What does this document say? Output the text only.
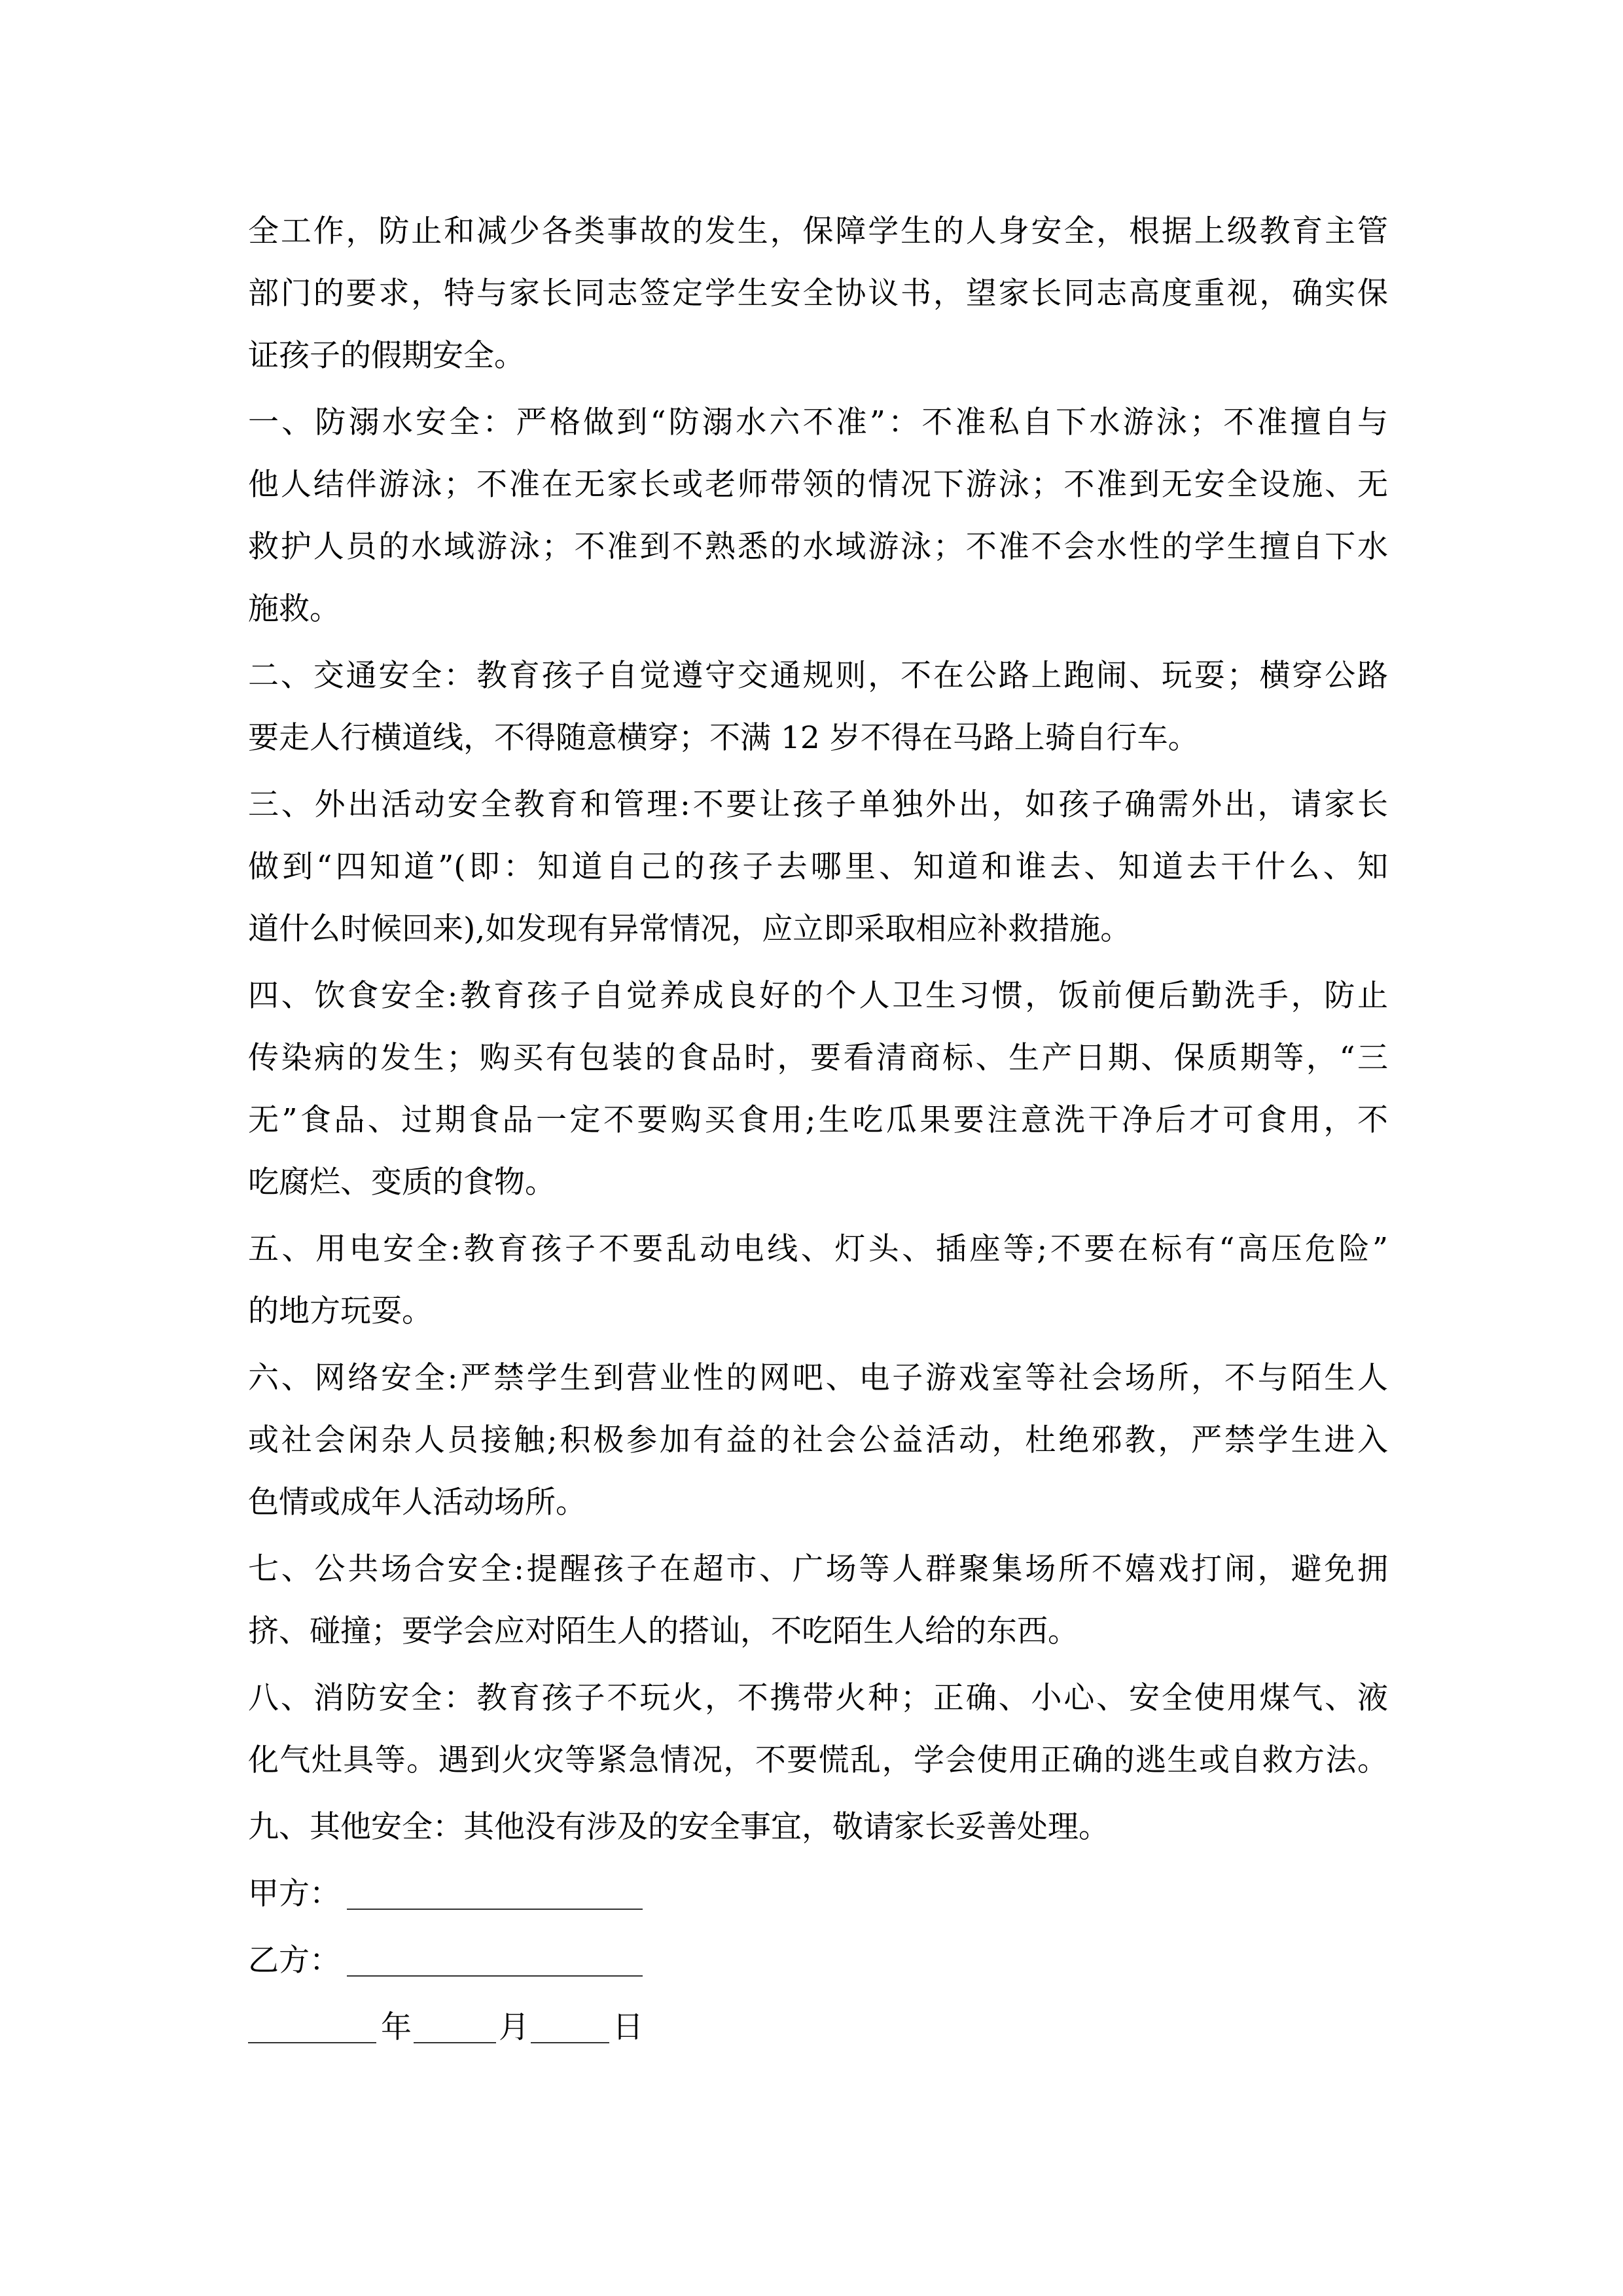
全工作，防止和减少各类事故的发生，保障学生的人身安全，根据上级教育主管
部门的要求，特与家长同志签定学生安全协议书，望家长同志高度重视，确实保
证孩子的假期安全。
一、防溺水安全：严格做到“防溺水六不准”：不准私自下水游泳；不准擅自与
他人结伴游泳；不准在无家长或老师带领的情况下游泳；不准到无安全设施、无
救护人员的水域游泳；不准到不熟悉的水域游泳；不准不会水性的学生擅自下水
施救。
二、交通安全：教育孩子自觉遵守交通规则，不在公路上跑闹、玩耍；横穿公路
要走人行横道线，不得随意横穿；不满 12 岁不得在马路上骑自行车。
三、外出活动安全教育和管理:不要让孩子单独外出，如孩子确需外出，请家长
做到“四知道”(即：知道自己的孩子去哪里、知道和谁去、知道去干什么、知
道什么时候回来),如发现有异常情况，应立即采取相应补救措施。
四、饮食安全:教育孩子自觉养成良好的个人卫生习惯，饭前便后勤洗手，防止
传染病的发生；购买有包装的食品时，要看清商标、生产日期、保质期等，“三
无”食品、过期食品一定不要购买食用;生吃瓜果要注意洗干净后才可食用，不
吃腐烂、变质的食物。
五、用电安全:教育孩子不要乱动电线、灯头、插座等;不要在标有“高压危险”
的地方玩耍。
六、网络安全:严禁学生到营业性的网吧、电子游戏室等社会场所，不与陌生人
或社会闲杂人员接触;积极参加有益的社会公益活动，杜绝邪教，严禁学生进入
色情或成年人活动场所。
七、公共场合安全:提醒孩子在超市、广场等人群聚集场所不嬉戏打闹，避免拥
挤、碰撞；要学会应对陌生人的搭讪，不吃陌生人给的东西。
八、消防安全：教育孩子不玩火，不携带火种；正确、小心、安全使用煤气、液
化气灶具等。遇到火灾等紧急情况，不要慌乱，学会使用正确的逃生或自救方法。
九、其他安全：其他没有涉及的安全事宜，敬请家长妥善处理。
甲方：
乙方：
年	月	日
